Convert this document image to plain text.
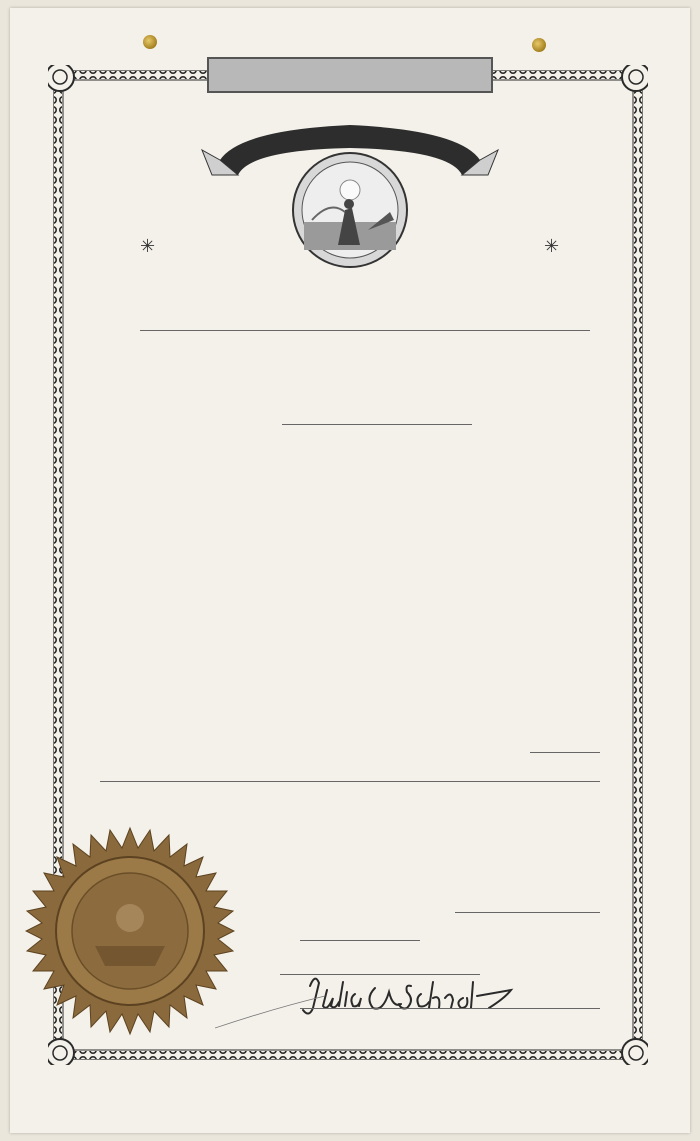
✳	✳
